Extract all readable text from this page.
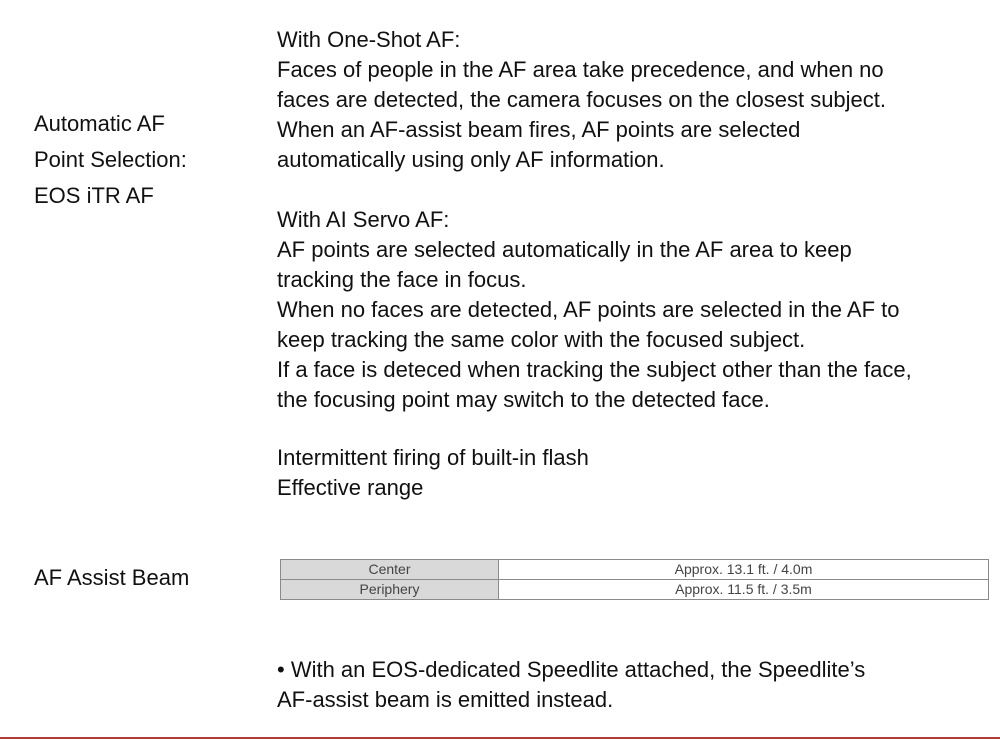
Automatic AF
Point Selection:
EOS iTR AF
With One-Shot AF:
Faces of people in the AF area take precedence, and when no
faces are detected, the camera focuses on the closest subject.
When an AF-assist beam fires, AF points are selected
automatically using only AF information.
With AI Servo AF:
AF points are selected automatically in the AF area to keep
tracking the face in focus.
When no faces are detected, AF points are selected in the AF to
keep tracking the same color with the focused subject.
If a face is deteced when tracking the subject other than the face,
the focusing point may switch to the detected face.
Intermittent firing of built-in flash
Effective range
AF Assist Beam	Center	Approx. 13.1 ft. / 4.0m
Periphery	Approx. 11.5 ft. / 3.5m
• With an EOS-dedicated Speedlite attached, the Speedlite’s
AF-assist beam is emitted instead.
